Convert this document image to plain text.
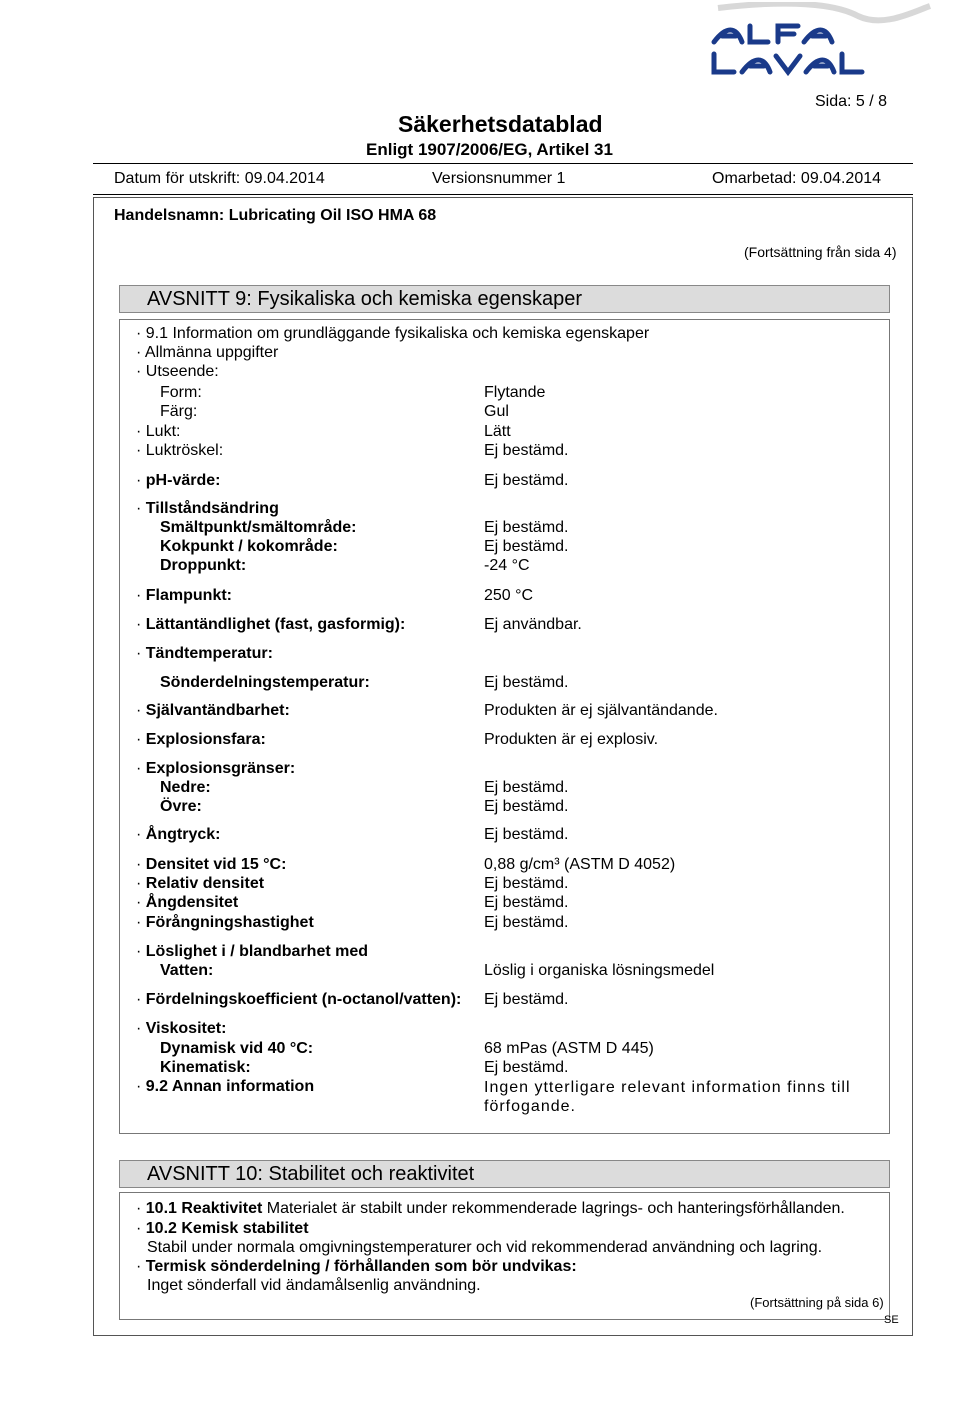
Sida: 5 / 8
Säkerhetsdatablad
Enligt 1907/2006/EG, Artikel 31
Datum för utskrift: 09.04.2014	Versionsnummer 1	Omarbetad: 09.04.2014
Handelsnamn: Lubricating Oil ISO HMA 68
(Fortsättning från sida 4)
AVSNITT 9: Fysikaliska och kemiska egenskaper
· 9.1 Information om grundläggande fysikaliska och kemiska egenskaper
· Allmänna uppgifter
· Utseende:
Form:	Flytande
Färg:	Gul
· Lukt:	Lätt
· Luktröskel:	Ej bestämd.
· pH-värde:	Ej bestämd.
· Tillståndsändring
Smältpunkt/smältområde:	Ej bestämd.
Kokpunkt / kokområde:	Ej bestämd.
Droppunkt:	-24 °C
· Flampunkt:	250 °C
· Lättantändlighet (fast, gasformig):	Ej användbar.
· Tändtemperatur:
Sönderdelningstemperatur:	Ej bestämd.
· Självantändbarhet:	Produkten är ej självantändande.
· Explosionsfara:	Produkten är ej explosiv.
· Explosionsgränser:
Nedre:	Ej bestämd.
Övre:	Ej bestämd.
· Ångtryck:	Ej bestämd.
· Densitet vid 15 °C:	0,88 g/cm³ (ASTM D 4052)
· Relativ densitet	Ej bestämd.
· Ångdensitet	Ej bestämd.
· Förångningshastighet	Ej bestämd.
· Löslighet i / blandbarhet med
Vatten:	Löslig i organiska lösningsmedel
· Fördelningskoefficient (n-octanol/vatten): Ej bestämd.
· Viskositet:
Dynamisk vid 40 °C:	68 mPas (ASTM D 445)
Kinematisk:	Ej bestämd.
· 9.2 Annan information	Ingen ytterligare relevant information finns till förfogande.
AVSNITT 10: Stabilitet och reaktivitet
· 10.1 Reaktivitet Materialet är stabilt under rekommenderade lagrings- och hanteringsförhållanden.
· 10.2 Kemisk stabilitet
Stabil under normala omgivningstemperaturer och vid rekommenderad användning och lagring.
· Termisk sönderdelning / förhållanden som bör undvikas:
Inget sönderfall vid ändamålsenlig användning.
(Fortsättning på sida 6)
SE
